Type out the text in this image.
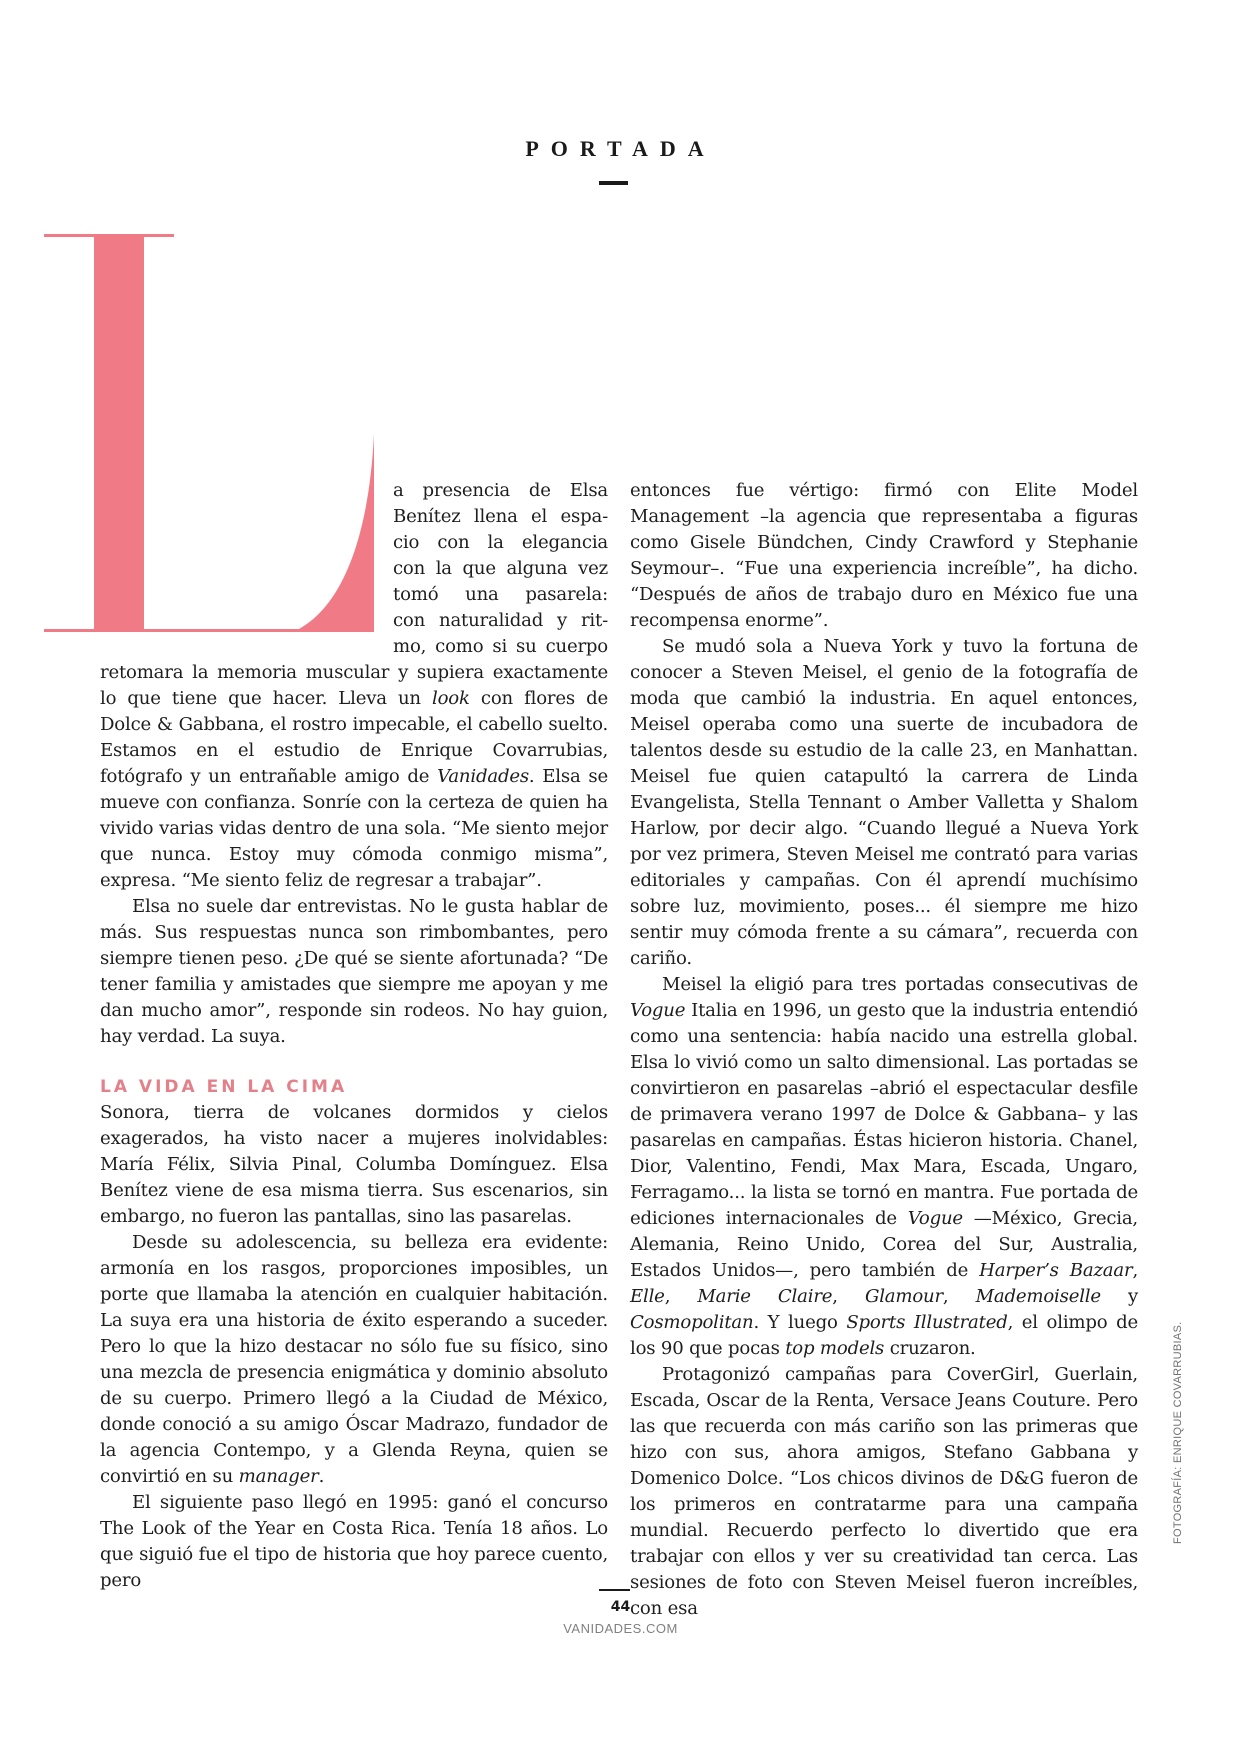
PORTADA
a presencia de Elsa
Benítez llena el espa-
cio con la elegancia
con la que alguna vez
tomó una pasarela:
con naturalidad y rit-
mo, como si su cuerpo

retomara la memoria muscular y supiera exactamente lo que tiene que hacer. Lleva un look con flores de Dolce & Gabbana, el rostro impecable, el cabello suelto. Estamos en el estudio de Enrique Covarrubias, fotógrafo y un entrañable amigo de Vanidades. Elsa se mueve con confianza. Sonríe con la certeza de quien ha vivido varias vidas dentro de una sola. “Me siento mejor que nunca. Estoy muy cómoda conmigo misma”, expresa. “Me siento feliz de regresar a trabajar”.

Elsa no suele dar entrevistas. No le gusta hablar de más. Sus respuestas nunca son rimbombantes, pero siempre tienen peso. ¿De qué se siente afortunada? “De tener familia y amistades que siempre me apoyan y me dan mucho amor”, responde sin rodeos. No hay guion, hay verdad. La suya.

LA VIDA EN LA CIMA

Sonora, tierra de volcanes dormidos y cielos exagerados, ha visto nacer a mujeres inolvidables: María Félix, Silvia Pinal, Columba Domínguez. Elsa Benítez viene de esa misma tierra. Sus escenarios, sin embargo, no fueron las pantallas, sino las pasarelas.

Desde su adolescencia, su belleza era evidente: armonía en los rasgos, proporciones imposibles, un porte que llamaba la atención en cualquier habitación. La suya era una historia de éxito esperando a suceder. Pero lo que la hizo destacar no sólo fue su físico, sino una mezcla de presencia enigmática y dominio absoluto de su cuerpo. Primero llegó a la Ciudad de México, donde conoció a su amigo Óscar Madrazo, fundador de la agencia Contempo, y a Glenda Reyna, quien se convirtió en su manager.

El siguiente paso llegó en 1995: ganó el concurso The Look of the Year en Costa Rica. Tenía 18 años. Lo que siguió fue el tipo de historia que hoy parece cuento, pero

entonces fue vértigo: firmó con Elite Model Management –la agencia que representaba a figuras como Gisele Bündchen, Cindy Crawford y Stephanie Seymour–. “Fue una experiencia increíble”, ha dicho. “Después de años de trabajo duro en México fue una recompensa enorme”.

Se mudó sola a Nueva York y tuvo la fortuna de conocer a Steven Meisel, el genio de la fotografía de moda que cambió la industria. En aquel entonces, Meisel operaba como una suerte de incubadora de talentos desde su estudio de la calle 23, en Manhattan. Meisel fue quien catapultó la carrera de Linda Evangelista, Stella Tennant o Amber Valletta y Shalom Harlow, por decir algo. “Cuando llegué a Nueva York por vez primera, Steven Meisel me contrató para varias editoriales y campañas. Con él aprendí muchísimo sobre luz, movimiento, poses... él siempre me hizo sentir muy cómoda frente a su cámara”, recuerda con cariño.

Meisel la eligió para tres portadas consecutivas de Vogue Italia en 1996, un gesto que la industria entendió como una sentencia: había nacido una estrella global. Elsa lo vivió como un salto dimensional. Las portadas se convirtieron en pasarelas –abrió el espectacular desfile de primavera verano 1997 de Dolce & Gabbana– y las pasarelas en campañas. Éstas hicieron historia. Chanel, Dior, Valentino, Fendi, Max Mara, Escada, Ungaro, Ferragamo... la lista se tornó en mantra. Fue portada de ediciones internacionales de Vogue —México, Grecia, Alemania, Reino Unido, Corea del Sur, Australia, Estados Unidos—, pero también de Harper’s Bazaar, Elle, Marie Claire, Glamour, Mademoiselle y Cosmopolitan. Y luego Sports Illustrated, el olimpo de los 90 que pocas top models cruzaron.

Protagonizó campañas para CoverGirl, Guerlain, Escada, Oscar de la Renta, Versace Jeans Couture. Pero las que recuerda con más cariño son las primeras que hizo con sus, ahora amigos, Stefano Gabbana y Domenico Dolce. “Los chicos divinos de D&G fueron de los primeros en contratarme para una campaña mundial. Recuerdo perfecto lo divertido que era trabajar con ellos y ver su creatividad tan cerca. Las sesiones de foto con Steven Meisel fueron increíbles, con esa

44
VANIDADES.COM
FOTOGRAFÍA: ENRIQUE COVARRUBIAS.
